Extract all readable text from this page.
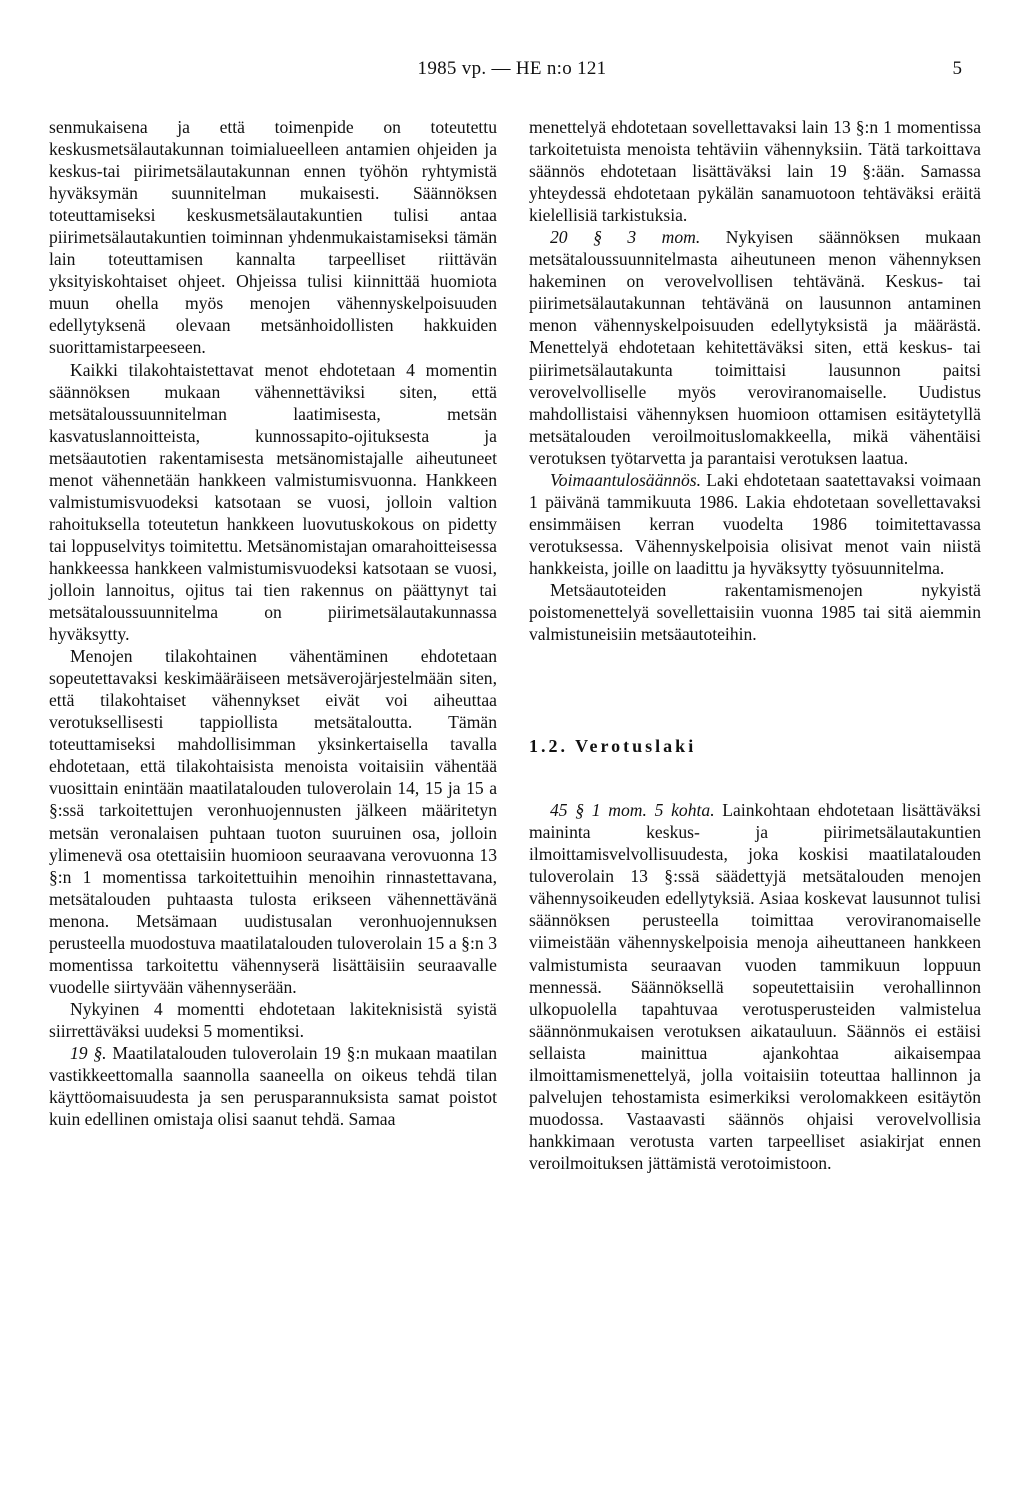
1985 vp. — HE n:o 121	5

senmukaisena ja että toimenpide on toteutettu keskusmetsälautakunnan toimialueelleen antamien ohjeiden ja keskus-tai piirimetsälautakunnan ennen työhön ryhtymistä hyväksymän suunnitelman mukaisesti. Säännöksen toteuttamiseksi keskusmetsälautakuntien tulisi antaa piirimetsälautakuntien toiminnan yhdenmukaistamiseksi tämän lain toteuttamisen kannalta tarpeelliset riittävän yksityiskohtaiset ohjeet. Ohjeissa tulisi kiinnittää huomiota muun ohella myös menojen vähennyskelpoisuuden edellytyksenä olevaan metsänhoidollisten hakkuiden suorittamistarpeeseen.

Kaikki tilakohtaistettavat menot ehdotetaan 4 momentin säännöksen mukaan vähennettäviksi siten, että metsätaloussuunnitelman laatimisesta, metsän kasvatuslannoitteista, kunnossapito-ojituksesta ja metsäautotien rakentamisesta metsänomistajalle aiheutuneet menot vähennetään hankkeen valmistumisvuonna. Hankkeen valmistumisvuodeksi katsotaan se vuosi, jolloin valtion rahoituksella toteutetun hankkeen luovutuskokous on pidetty tai loppuselvitys toimitettu. Metsänomistajan omarahoitteisessa hankkeessa hankkeen valmistumisvuodeksi katsotaan se vuosi, jolloin lannoitus, ojitus tai tien rakennus on päättynyt tai metsätaloussuunnitelma on piirimetsälautakunnassa hyväksytty.

Menojen tilakohtainen vähentäminen ehdotetaan sopeutettavaksi keskimääräiseen metsäverojärjestelmään siten, että tilakohtaiset vähennykset eivät voi aiheuttaa verotuksellisesti tappiollista metsätaloutta. Tämän toteuttamiseksi mahdollisimman yksinkertaisella tavalla ehdotetaan, että tilakohtaisista menoista voitaisiin vähentää vuosittain enintään maatilatalouden tuloverolain 14, 15 ja 15 a §:ssä tarkoitettujen veronhuojennusten jälkeen määritetyn metsän veronalaisen puhtaan tuoton suuruinen osa, jolloin ylimenevä osa otettaisiin huomioon seuraavana verovuonna 13 §:n 1 momentissa tarkoitettuihin menoihin rinnastettavana, metsätalouden puhtaasta tulosta erikseen vähennettävänä menona. Metsämaan uudistusalan veronhuojennuksen perusteella muodostuva maatilatalouden tuloverolain 15 a §:n 3 momentissa tarkoitettu vähennyserä lisättäisiin seuraavalle vuodelle siirtyvään vähennyserään.

Nykyinen 4 momentti ehdotetaan lakiteknisistä syistä siirrettäväksi uudeksi 5 momentiksi.

19 §. Maatilatalouden tuloverolain 19 §:n mukaan maatilan vastikkeettomalla saannolla saaneella on oikeus tehdä tilan käyttöomaisuudesta ja sen perusparannuksista samat poistot kuin edellinen omistaja olisi saanut tehdä. Samaa

menettelyä ehdotetaan sovellettavaksi lain 13 §:n 1 momentissa tarkoitetuista menoista tehtäviin vähennyksiin. Tätä tarkoittava säännös ehdotetaan lisättäväksi lain 19 §:ään. Samassa yhteydessä ehdotetaan pykälän sanamuotoon tehtäväksi eräitä kielellisiä tarkistuksia.

20 § 3 mom. Nykyisen säännöksen mukaan metsätaloussuunnitelmasta aiheutuneen menon vähennyksen hakeminen on verovelvollisen tehtävänä. Keskus- tai piirimetsälautakunnan tehtävänä on lausunnon antaminen menon vähennyskelpoisuuden edellytyksistä ja määrästä. Menettelyä ehdotetaan kehitettäväksi siten, että keskus- tai piirimetsälautakunta toimittaisi lausunnon paitsi verovelvolliselle myös veroviranomaiselle. Uudistus mahdollistaisi vähennyksen huomioon ottamisen esitäytetyllä metsätalouden veroilmoituslomakkeella, mikä vähentäisi verotuksen työtarvetta ja parantaisi verotuksen laatua.

Voimaantulosäännös. Laki ehdotetaan saatettavaksi voimaan 1 päivänä tammikuuta 1986. Lakia ehdotetaan sovellettavaksi ensimmäisen kerran vuodelta 1986 toimitettavassa verotuksessa. Vähennyskelpoisia olisivat menot vain niistä hankkeista, joille on laadittu ja hyväksytty työsuunnitelma.

Metsäautoteiden rakentamismenojen nykyistä poistomenettelyä sovellettaisiin vuonna 1985 tai sitä aiemmin valmistuneisiin metsäautoteihin.

1.2. Verotuslaki

45 § 1 mom. 5 kohta. Lainkohtaan ehdotetaan lisättäväksi maininta keskus- ja piirimetsälautakuntien ilmoittamisvelvollisuudesta, joka koskisi maatilatalouden tuloverolain 13 §:ssä säädettyjä metsätalouden menojen vähennysoikeuden edellytyksiä. Asiaa koskevat lausunnot tulisi säännöksen perusteella toimittaa veroviranomaiselle viimeistään vähennyskelpoisia menoja aiheuttaneen hankkeen valmistumista seuraavan vuoden tammikuun loppuun mennessä. Säännöksellä sopeutettaisiin verohallinnon ulkopuolella tapahtuvaa verotusperusteiden valmistelua säännönmukaisen verotuksen aikatauluun. Säännös ei estäisi sellaista mainittua ajankohtaa aikaisempaa ilmoittamismenettelyä, jolla voitaisiin toteuttaa hallinnon ja palvelujen tehostamista esimerkiksi verolomakkeen esitäytön muodossa. Vastaavasti säännös ohjaisi verovelvollisia hankkimaan verotusta varten tarpeelliset asiakirjat ennen veroilmoituksen jättämistä verotoimistoon.
